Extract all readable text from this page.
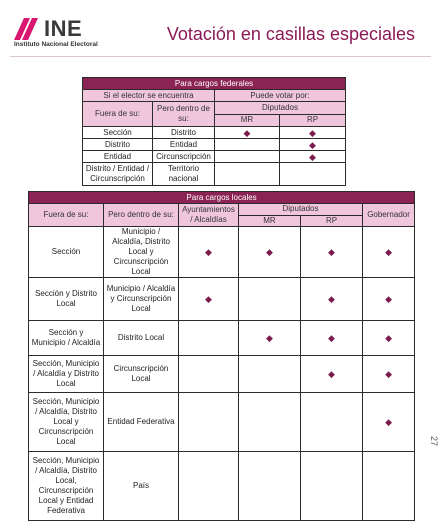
INE
Instituto Nacional Electoral
Votación en casillas especiales
Para cargos federales			
Si el elector se encuentra		Puede votar por:	
Fuera de su:	Pero dentro de su:	Diputados	
		MR	RP
Sección	Distrito	◆	◆
Distrito	Entidad		◆
Entidad	Circunscripción		◆
Distrito / Entidad / Circunscripción	Territorio nacional		
Para cargos locales					
Fuera de su:	Pero dentro de su:	Ayuntamientos / Alcaldías	Diputados		Gobernador
			MR	RP	
Sección	Municipio / Alcaldía, Distrito Local y Circunscripción Local	◆	◆	◆	◆
Sección y Distrito Local	Municipio / Alcaldía y Circunscripción Local	◆		◆	◆
Sección y Municipio / Alcaldía	Distrito Local		◆	◆	◆
Sección, Municipio / Alcaldía y Distrito Local	Circunscripción Local			◆	◆
Sección, Municipio / Alcaldía, Distrito Local y Circunscripción Local	Entidad Federativa				◆
Sección, Municipio / Alcaldía, Distrito Local, Circunscripción Local y Entidad Federativa	País				
27
